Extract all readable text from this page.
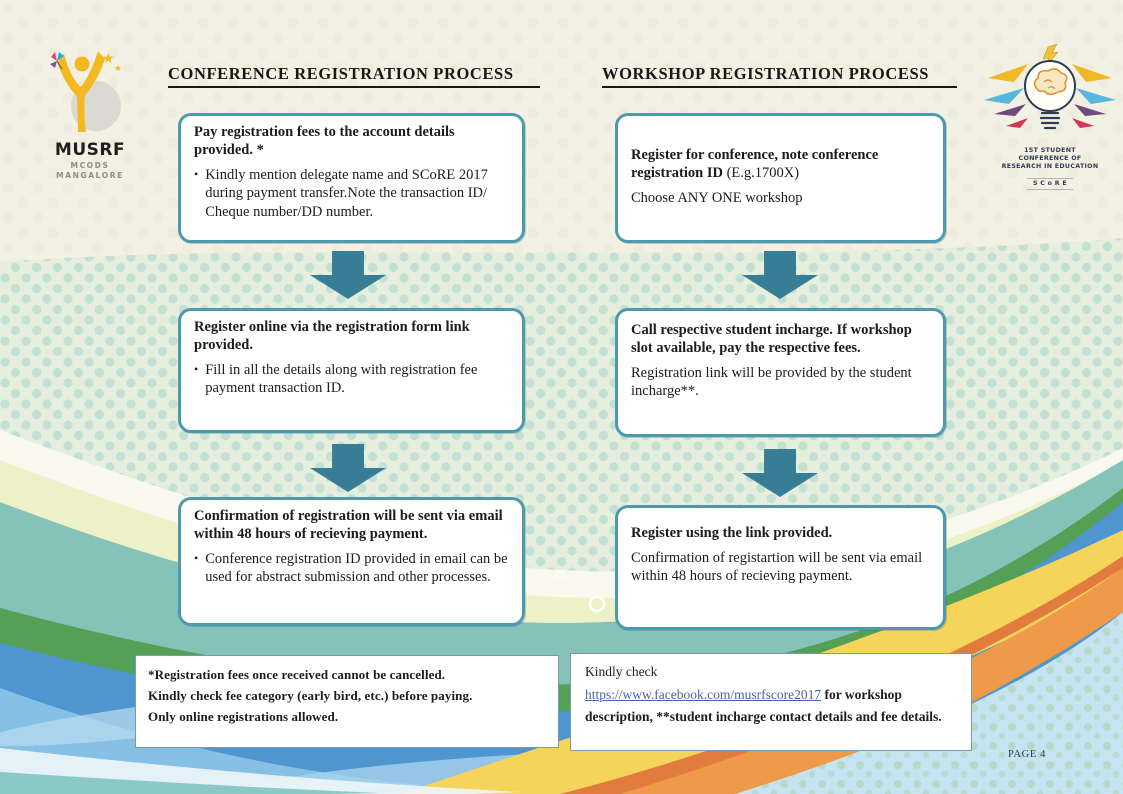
★
★
MUSRF
MCODS
MANGALORE
1ST STUDENT
CONFERENCE OF
RESEARCH IN EDUCATION
S C o R E
CONFERENCE REGISTRATION PROCESS	WORKSHOP REGISTRATION PROCESS
Pay registration fees to the account details provided. *
• Kindly mention delegate name and SCoRE 2017 during payment transfer.Note the transaction ID/ Cheque number/DD number.
Register online via the registration form link provided.
• Fill in all the details along with registration fee payment transaction ID.
Confirmation of registration will be sent via email within 48 hours of recieving payment.
• Conference registration ID provided in email can be used for abstract submission and other processes.
Register for conference, note conference registration ID (E.g.1700X)
Choose ANY ONE workshop
Call respective student incharge. If workshop slot available, pay the respective fees.
Registration link will be provided by the student incharge**.
Register using the link provided.
Confirmation of registartion will be sent via email within 48 hours of recieving payment.
*Registration fees once received cannot be cancelled.
Kindly check fee category (early bird, etc.) before paying.
Only online registrations allowed.
Kindly check
https://www.facebook.com/musrfscore2017 for workshop description, **student incharge contact details and fee details.
PAGE 4
